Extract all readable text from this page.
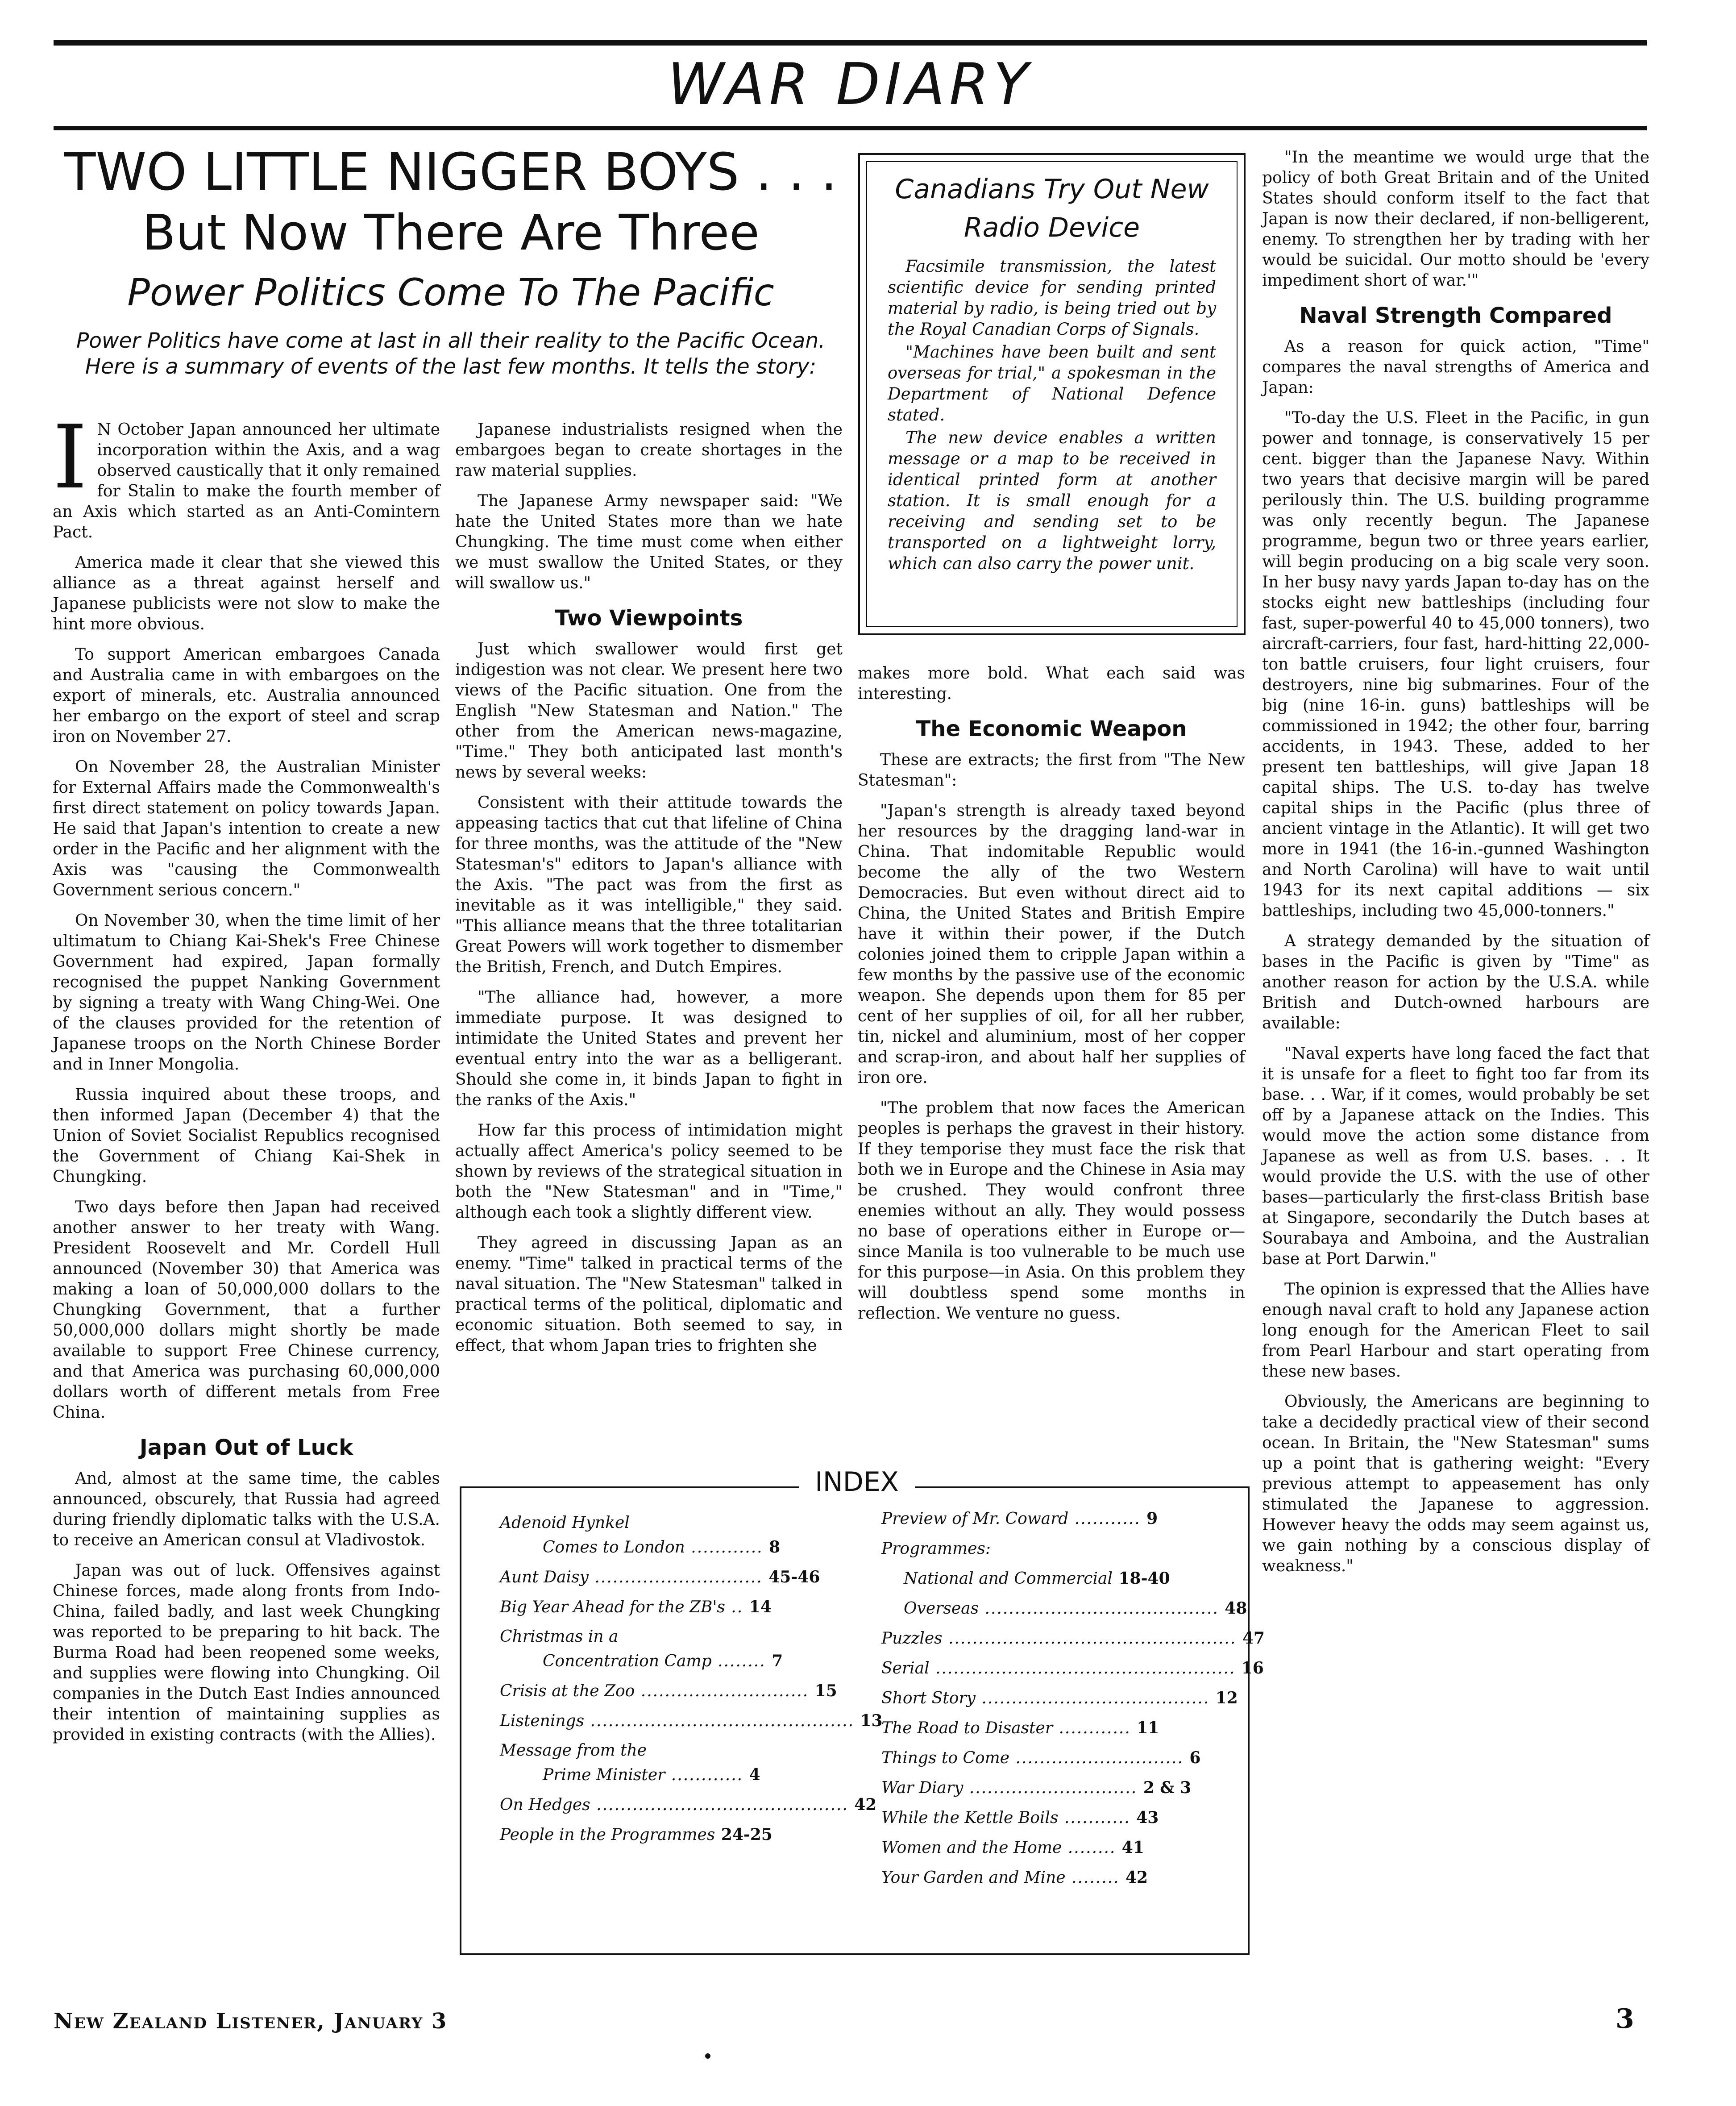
WAR DIARY
TWO LITTLE NIGGER BOYS . . .
But Now There Are Three
Power Politics Come To The Pacific
Power Politics have come at last in all their reality to the Pacific Ocean. Here is a summary of events of the last few months. It tells the story:

I N October Japan announced her ultimate incorporation within the Axis, and a wag observed caustically that it only remained for Stalin to make the fourth member of an Axis which started as an Anti-Comintern Pact.

America made it clear that she viewed this alliance as a threat against herself and Japanese publicists were not slow to make the hint more obvious.

To support American embargoes Canada and Australia came in with embargoes on the export of minerals, etc. Australia announced her embargo on the export of steel and scrap iron on November 27.

On November 28, the Australian Minister for External Affairs made the Commonwealth's first direct statement on policy towards Japan. He said that Japan's intention to create a new order in the Pacific and her alignment with the Axis was "causing the Commonwealth Government serious concern."

On November 30, when the time limit of her ultimatum to Chiang Kai-Shek's Free Chinese Government had expired, Japan formally recognised the puppet Nanking Government by signing a treaty with Wang Ching-Wei. One of the clauses provided for the retention of Japanese troops on the North Chinese Border and in Inner Mongolia.

Russia inquired about these troops, and then informed Japan (December 4) that the Union of Soviet Socialist Republics recognised the Government of Chiang Kai-Shek in Chungking.

Two days before then Japan had received another answer to her treaty with Wang. President Roosevelt and Mr. Cordell Hull announced (November 30) that America was making a loan of 50,000,000 dollars to the Chungking Government, that a further 50,000,000 dollars might shortly be made available to support Free Chinese currency, and that America was purchasing 60,000,000 dollars worth of different metals from Free China.

Japan Out of Luck

And, almost at the same time, the cables announced, obscurely, that Russia had agreed during friendly diplomatic talks with the U.S.A. to receive an American consul at Vladivostok.

Japan was out of luck. Offensives against Chinese forces, made along fronts from Indo-China, failed badly, and last week Chungking was reported to be preparing to hit back. The Burma Road had been reopened some weeks, and supplies were flowing into Chungking. Oil companies in the Dutch East Indies announced their intention of maintaining supplies as provided in existing contracts (with the Allies).

Japanese industrialists resigned when the embargoes began to create shortages in the raw material supplies.

The Japanese Army newspaper said: "We hate the United States more than we hate Chungking. The time must come when either we must swallow the United States, or they will swallow us."

Two Viewpoints

Just which swallower would first get indigestion was not clear. We present here two views of the Pacific situation. One from the English "New Statesman and Nation." The other from the American news-magazine, "Time." They both anticipated last month's news by several weeks:

Consistent with their attitude towards the appeasing tactics that cut that lifeline of China for three months, was the attitude of the "New Statesman's" editors to Japan's alliance with the Axis. "The pact was from the first as inevitable as it was intelligible," they said. "This alliance means that the three totalitarian Great Powers will work together to dismember the British, French, and Dutch Empires.

"The alliance had, however, a more immediate purpose. It was designed to intimidate the United States and prevent her eventual entry into the war as a belligerant. Should she come in, it binds Japan to fight in the ranks of the Axis."

How far this process of intimidation might actually affect America's policy seemed to be shown by reviews of the strategical situation in both the "New Statesman" and in "Time," although each took a slightly different view.

They agreed in discussing Japan as an enemy. "Time" talked in practical terms of the naval situation. The "New Statesman" talked in practical terms of the political, diplomatic and economic situation. Both seemed to say, in effect, that whom Japan tries to frighten she

Canadians Try Out New Radio Device

Facsimile transmission, the latest scientific device for sending printed material by radio, is being tried out by the Royal Canadian Corps of Signals.

"Machines have been built and sent overseas for trial," a spokesman in the Department of National Defence stated.

The new device enables a written message or a map to be received in identical printed form at another station. It is small enough for a receiving and sending set to be transported on a lightweight lorry, which can also carry the power unit.

makes more bold. What each said was interesting.

The Economic Weapon

These are extracts; the first from "The New Statesman":

"Japan's strength is already taxed beyond her resources by the dragging land-war in China. That indomitable Republic would become the ally of the two Western Democracies. But even without direct aid to China, the United States and British Empire have it within their power, if the Dutch colonies joined them to cripple Japan within a few months by the passive use of the economic weapon. She depends upon them for 85 per cent of her supplies of oil, for all her rubber, tin, nickel and aluminium, most of her copper and scrap-iron, and about half her supplies of iron ore.

"The problem that now faces the American peoples is perhaps the gravest in their history. If they temporise they must face the risk that both we in Europe and the Chinese in Asia may be crushed. They would confront three enemies without an ally. They would possess no base of operations either in Europe or—since Manila is too vulnerable to be much use for this purpose—in Asia. On this problem they will doubtless spend some months in reflection. We venture no guess.

"In the meantime we would urge that the policy of both Great Britain and of the United States should conform itself to the fact that Japan is now their declared, if non-belligerent, enemy. To strengthen her by trading with her would be suicidal. Our motto should be 'every impediment short of war.'"

Naval Strength Compared

As a reason for quick action, "Time" compares the naval strengths of America and Japan:

"To-day the U.S. Fleet in the Pacific, in gun power and tonnage, is conservatively 15 per cent. bigger than the Japanese Navy. Within two years that decisive margin will be pared perilously thin. The U.S. building programme was only recently begun. The Japanese programme, begun two or three years earlier, will begin producing on a big scale very soon. In her busy navy yards Japan to-day has on the stocks eight new battleships (including four fast, super-powerful 40 to 45,000 tonners), two aircraft-carriers, four fast, hard-hitting 22,000-ton battle cruisers, four light cruisers, four destroyers, nine big submarines. Four of the big (nine 16-in. guns) battleships will be commissioned in 1942; the other four, barring accidents, in 1943. These, added to her present ten battleships, will give Japan 18 capital ships. The U.S. to-day has twelve capital ships in the Pacific (plus three of ancient vintage in the Atlantic). It will get two more in 1941 (the 16-in.-gunned Washington and North Carolina) will have to wait until 1943 for its next capital additions — six battleships, including two 45,000-tonners."

A strategy demanded by the situation of bases in the Pacific is given by "Time" as another reason for action by the U.S.A. while British and Dutch-owned harbours are available:

"Naval experts have long faced the fact that it is unsafe for a fleet to fight too far from its base. . . War, if it comes, would probably be set off by a Japanese attack on the Indies. This would move the action some distance from Japanese as well as from U.S. bases. . . It would provide the U.S. with the use of other bases—particularly the first-class British base at Singapore, secondarily the Dutch bases at Sourabaya and Amboina, and the Australian base at Port Darwin."

The opinion is expressed that the Allies have enough naval craft to hold any Japanese action long enough for the American Fleet to sail from Pearl Harbour and start operating from these new bases.

Obviously, the Americans are beginning to take a decidedly practical view of their second ocean. In Britain, the "New Statesman" sums up a point that is gathering weight: "Every previous attempt to appeasement has only stimulated the Japanese to aggression. However heavy the odds may seem against us, we gain nothing by a conscious display of weakness."

INDEX
Adenoid Hynkel
Comes to London ............ 8
Aunt Daisy ............................ 45-46
Big Year Ahead for the ZB's .. 14
Christmas in a
Concentration Camp ........ 7
Crisis at the Zoo ............................ 15
Listenings ............................................ 13
Message from the
Prime Minister ............ 4
On Hedges .......................................... 42
People in the Programmes 24-25
Preview of Mr. Coward ........... 9
Programmes:
National and Commercial 18-40
Overseas ....................................... 48
Puzzles ................................................ 47
Serial .................................................. 16
Short Story ...................................... 12
The Road to Disaster ............ 11
Things to Come ............................ 6
War Diary ............................ 2 & 3
While the Kettle Boils ........... 43
Women and the Home ........ 41
Your Garden and Mine ........ 42
New Zealand Listener, January 3	3
